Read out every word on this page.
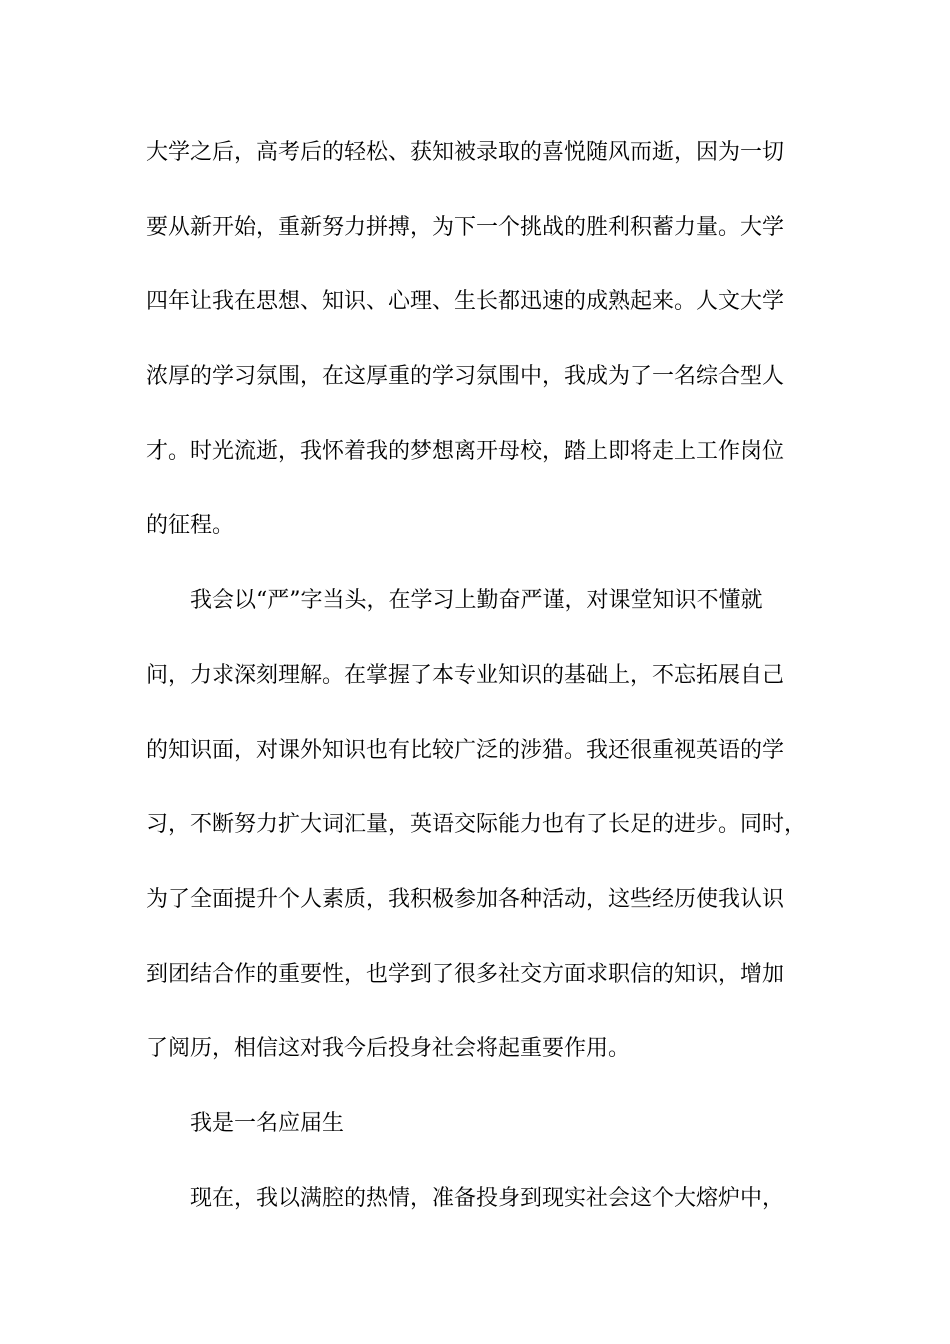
大学之后，高考后的轻松、获知被录取的喜悦随风而逝，因为一切
要从新开始，重新努力拼搏，为下一个挑战的胜利积蓄力量。大学
四年让我在思想、知识、心理、生长都迅速的成熟起来。人文大学
浓厚的学习氛围，在这厚重的学习氛围中，我成为了一名综合型人
才。时光流逝，我怀着我的梦想离开母校，踏上即将走上工作岗位
的征程。
我会以“严”字当头，在学习上勤奋严谨，对课堂知识不懂就
问，力求深刻理解。在掌握了本专业知识的基础上，不忘拓展自己
的知识面，对课外知识也有比较广泛的涉猎。我还很重视英语的学
习，不断努力扩大词汇量，英语交际能力也有了长足的进步。同时，
为了全面提升个人素质，我积极参加各种活动，这些经历使我认识
到团结合作的重要性，也学到了很多社交方面求职信的知识，增加
了阅历，相信这对我今后投身社会将起重要作用。
我是一名应届生
现在，我以满腔的热情，准备投身到现实社会这个大熔炉中，
